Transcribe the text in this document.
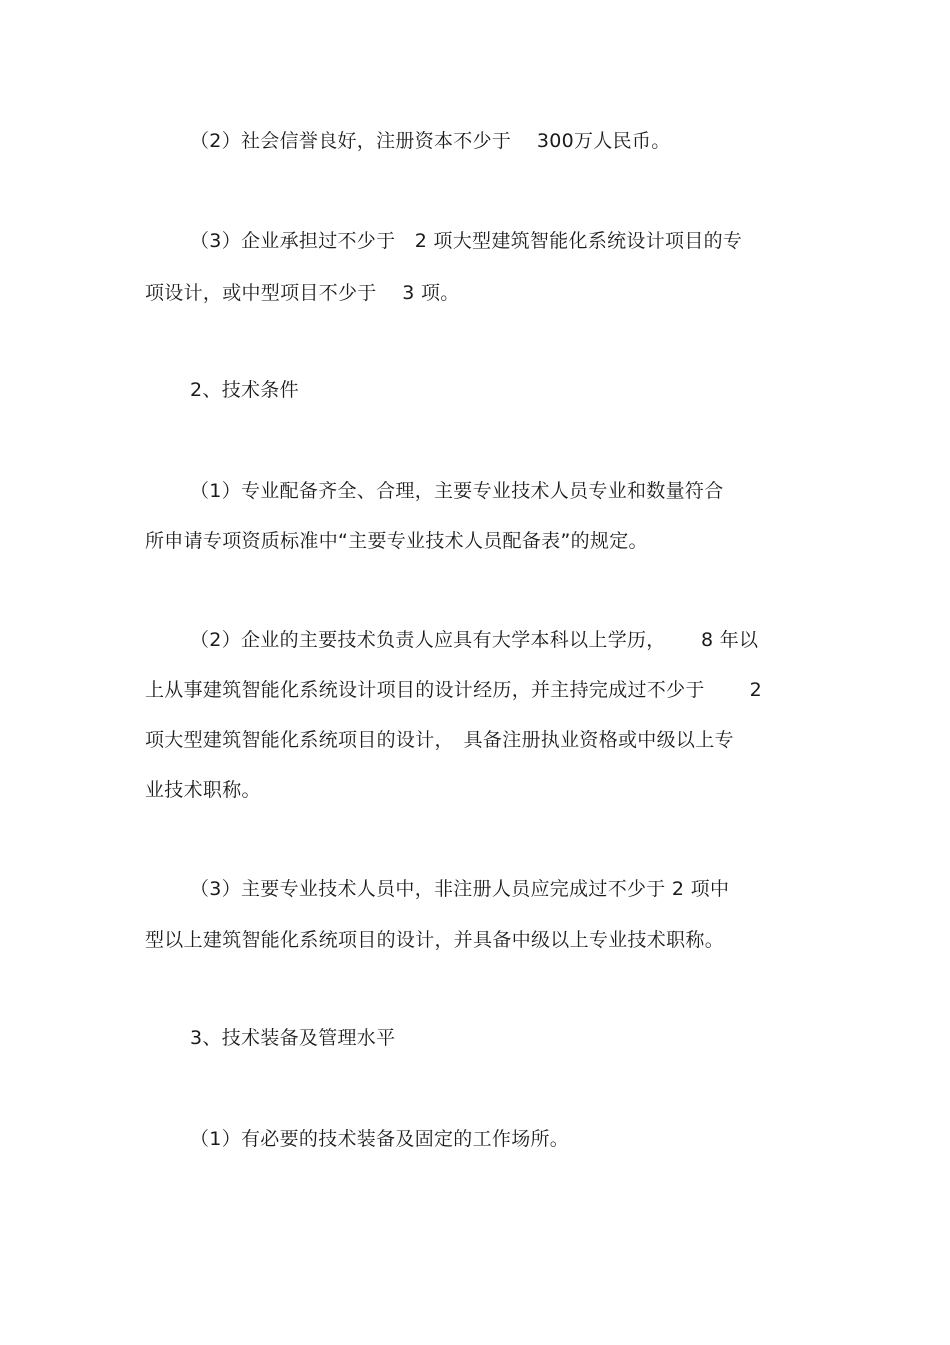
（2）社会信誉良好，注册资本不少于　 300万人民币。
（3）企业承担过不少于　2 项大型建筑智能化系统设计项目的专
项设计，或中型项目不少于　 3 项。
2、技术条件
（1）专业配备齐全、合理，主要专业技术人员专业和数量符合
所申请专项资质标准中“主要专业技术人员配备表”的规定。
（2）企业的主要技术负责人应具有大学本科以上学历，　　 8 年以
上从事建筑智能化系统设计项目的设计经历，并主持完成过不少于　　 2
项大型建筑智能化系统项目的设计，　具备注册执业资格或中级以上专
业技术职称。
（3）主要专业技术人员中，非注册人员应完成过不少于 2 项中
型以上建筑智能化系统项目的设计，并具备中级以上专业技术职称。
3、技术装备及管理水平
（1）有必要的技术装备及固定的工作场所。
